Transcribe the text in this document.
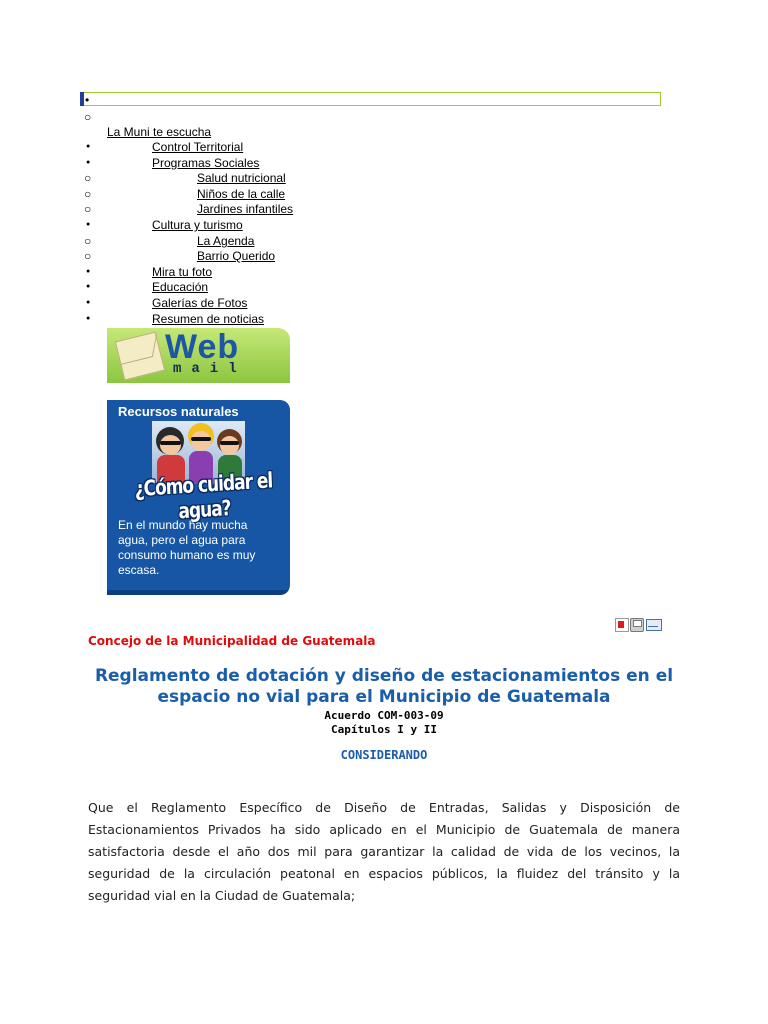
•
○
La Muni te escucha
●	Control Territorial
●	Programas Sociales
○	Salud nutricional
○	Niños de la calle
○	Jardines infantiles
●	Cultura y turismo
○	La Agenda
○	Barrio Querido
●	Mira tu foto
●	Educación
●	Galerías de Fotos
●	Resumen de noticias
Web
mail
Recursos naturales
¿Cómo cuidar el agua?
En el mundo hay mucha agua, pero el agua para consumo humano es muy escasa.
Concejo de la Municipalidad de Guatemala
Reglamento de dotación y diseño de estacionamientos en el espacio no vial para el Municipio de Guatemala
Acuerdo COM-003-09
Capítulos I y II
CONSIDERANDO
Que el Reglamento Específico de Diseño de Entradas, Salidas y Disposición de Estacionamientos Privados ha sido aplicado en el Municipio de Guatemala de manera satisfactoria desde el año dos mil para garantizar la calidad de vida de los vecinos, la seguridad de la circulación peatonal en espacios públicos, la fluidez del tránsito y la seguridad vial en la Ciudad de Guatemala;
